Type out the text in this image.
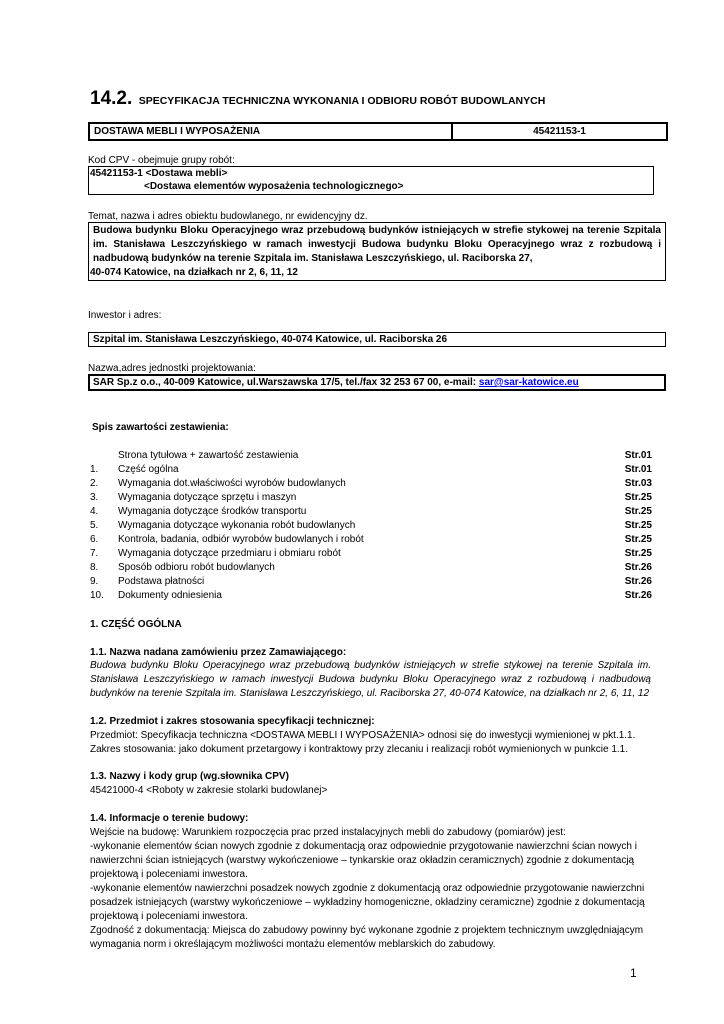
14.2. SPECYFIKACJA TECHNICZNA WYKONANIA I ODBIORU ROBÓT BUDOWLANYCH
DOSTAWA MEBLI I WYPOSAŻENIA	45421153-1
Kod CPV - obejmuje grupy robót:
45421153-1 <Dostawa mebli>
<Dostawa elementów wyposażenia technologicznego>
Temat, nazwa i adres obiektu budowlanego, nr ewidencyjny dz.
Budowa budynku Bloku Operacyjnego wraz przebudową budynków istniejących w strefie stykowej na terenie Szpitala
im. Stanisława Leszczyńskiego w ramach inwestycji Budowa budynku Bloku Operacyjnego wraz z rozbudową i
nadbudową budynków na terenie Szpitala im. Stanisława Leszczyńskiego, ul. Raciborska 27,
40-074 Katowice, na działkach nr 2, 6, 11, 12
Inwestor i adres:
Szpital im. Stanisława Leszczyńskiego, 40-074 Katowice, ul. Raciborska 26
Nazwa,adres jednostki projektowania:
SAR Sp.z o.o., 40-009 Katowice, ul.Warszawska 17/5, tel./fax 32 253 67 00, e-mail: sar@sar-katowice.eu
Spis zawartości zestawienia:
Strona tytułowa + zawartość zestawienia	Str.01
1. Część ogólna	Str.01
2. Wymagania dot.właściwości wyrobów budowlanych	Str.03
3. Wymagania dotyczące sprzętu i maszyn	Str.25
4. Wymagania dotyczące środków transportu	Str.25
5. Wymagania dotyczące wykonania robót budowlanych	Str.25
6. Kontrola, badania, odbiór wyrobów budowlanych i robót	Str.25
7. Wymagania dotyczące przedmiaru i obmiaru robót	Str.25
8. Sposób odbioru robót budowlanych	Str.26
9. Podstawa płatności	Str.26
10. Dokumenty odniesienia	Str.26
1. CZĘŚĆ OGÓLNA
1.1. Nazwa nadana zamówieniu przez Zamawiającego:
Budowa budynku Bloku Operacyjnego wraz przebudową budynków istniejących w strefie stykowej na terenie Szpitala im.
Stanisława Leszczyńskiego w ramach inwestycji Budowa budynku Bloku Operacyjnego wraz z rozbudową i nadbudową
budynków na terenie Szpitala im. Stanisława Leszczyńskiego, ul. Raciborska 27, 40-074 Katowice, na działkach nr 2, 6, 11, 12
1.2. Przedmiot i zakres stosowania specyfikacji technicznej:
Przedmiot: Specyfikacja techniczna <DOSTAWA MEBLI I WYPOSAŻENIA> odnosi się do inwestycji wymienionej w pkt.1.1.
Zakres stosowania: jako dokument przetargowy i kontraktowy przy zlecaniu i realizacji robót wymienionych w punkcie 1.1.
1.3. Nazwy i kody grup (wg.słownika CPV)
45421000-4 <Roboty w zakresie stolarki budowlanej>
1.4. Informacje o terenie budowy:
Wejście na budowę: Warunkiem rozpoczęcia prac przed instalacyjnych mebli do zabudowy (pomiarów) jest:
-wykonanie elementów ścian nowych zgodnie z dokumentacją oraz odpowiednie przygotowanie nawierzchni ścian nowych i
nawierzchni ścian istniejących (warstwy wykończeniowe – tynkarskie oraz okładzin ceramicznych) zgodnie z dokumentacją
projektową i poleceniami inwestora.
-wykonanie elementów nawierzchni posadzek nowych zgodnie z dokumentacją oraz odpowiednie przygotowanie nawierzchni
posadzek istniejących (warstwy wykończeniowe – wykładziny homogeniczne, okładziny ceramiczne) zgodnie z dokumentacją
projektową i poleceniami inwestora.
Zgodność z dokumentacją: Miejsca do zabudowy powinny być wykonane zgodnie z projektem technicznym uwzględniającym
wymagania norm i określającym możliwości montażu elementów meblarskich do zabudowy.
1
